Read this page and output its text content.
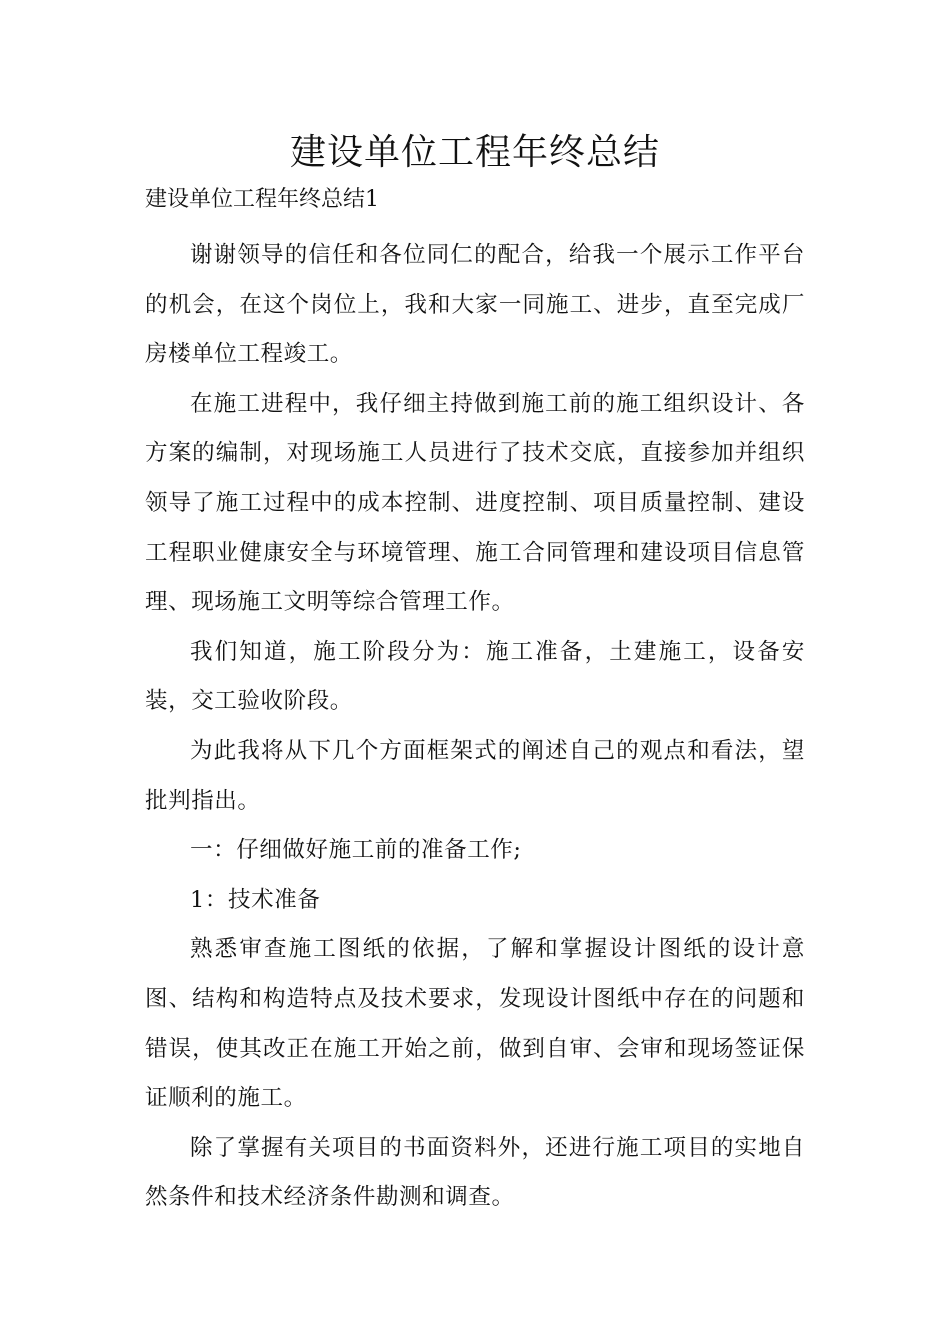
建设单位工程年终总结

建设单位工程年终总结1

谢谢领导的信任和各位同仁的配合，给我一个展示工作平台的机会，在这个岗位上，我和大家一同施工、进步，直至完成厂房楼单位工程竣工。

在施工进程中，我仔细主持做到施工前的施工组织设计、各方案的编制，对现场施工人员进行了技术交底，直接参加并组织领导了施工过程中的成本控制、进度控制、项目质量控制、建设工程职业健康安全与环境管理、施工合同管理和建设项目信息管理、现场施工文明等综合管理工作。

我们知道，施工阶段分为：施工准备，土建施工，设备安装，交工验收阶段。

为此我将从下几个方面框架式的阐述自己的观点和看法，望批判指出。

一：仔细做好施工前的准备工作;

1：技术准备

熟悉审查施工图纸的依据，了解和掌握设计图纸的设计意图、结构和构造特点及技术要求，发现设计图纸中存在的问题和错误，使其改正在施工开始之前，做到自审、会审和现场签证保证顺利的施工。

除了掌握有关项目的书面资料外，还进行施工项目的实地自然条件和技术经济条件勘测和调查。
